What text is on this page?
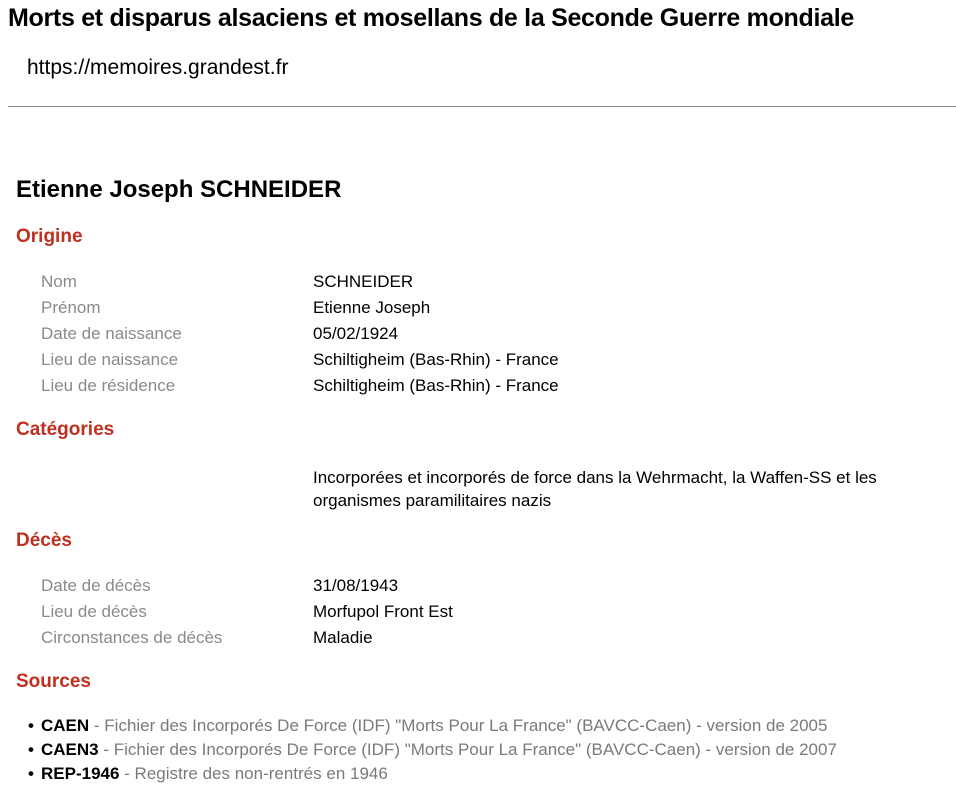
Morts et disparus alsaciens et mosellans de la Seconde Guerre mondiale
https://memoires.grandest.fr
Etienne Joseph SCHNEIDER
Origine
Nom	SCHNEIDER
Prénom	Etienne Joseph
Date de naissance	05/02/1924
Lieu de naissance	Schiltigheim (Bas-Rhin) - France
Lieu de résidence	Schiltigheim (Bas-Rhin) - France
Catégories
Incorporées et incorporés de force dans la Wehrmacht, la Waffen-SS et les organismes paramilitaires nazis
Décès
Date de décès	31/08/1943
Lieu de décès	Morfupol Front Est
Circonstances de décès	Maladie
Sources
• CAEN - Fichier des Incorporés De Force (IDF) "Morts Pour La France" (BAVCC-Caen) - version de 2005
• CAEN3 - Fichier des Incorporés De Force (IDF) "Morts Pour La France" (BAVCC-Caen) - version de 2007
• REP-1946 - Registre des non-rentrés en 1946
